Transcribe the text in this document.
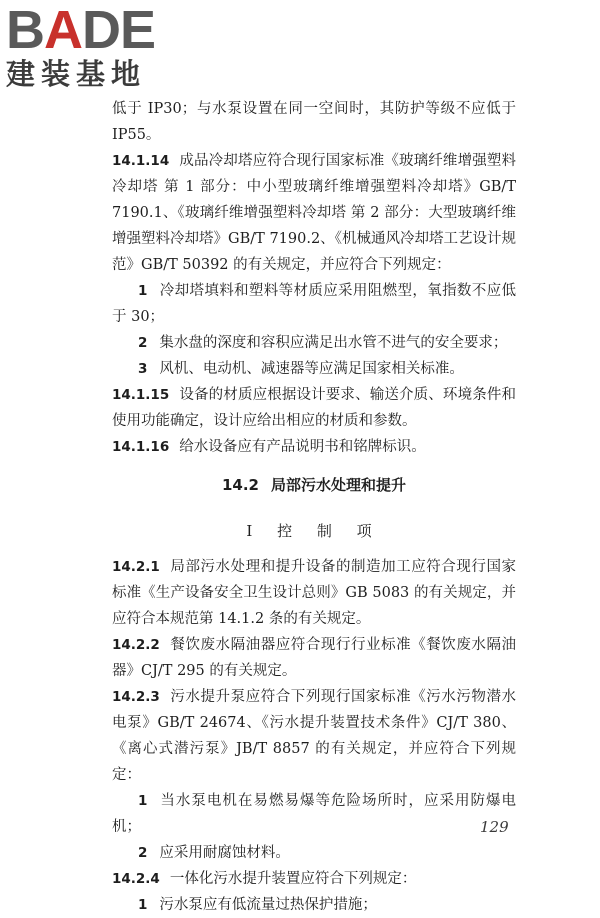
BADE
建装基地

低于 IP30；与水泵设置在同一空间时，其防护等级不应低于 IP55。

14.1.14 成品冷却塔应符合现行国家标准《玻璃纤维增强塑料冷却塔 第 1 部分：中小型玻璃纤维增强塑料冷却塔》GB/T 7190.1、《玻璃纤维增强塑料冷却塔 第 2 部分：大型玻璃纤维增强塑料冷却塔》GB/T 7190.2、《机械通风冷却塔工艺设计规范》GB/T 50392 的有关规定，并应符合下列规定：

1 冷却塔填料和塑料等材质应采用阻燃型，氧指数不应低于 30；

2 集水盘的深度和容积应满足出水管不进气的安全要求；

3 风机、电动机、减速器等应满足国家相关标准。

14.1.15 设备的材质应根据设计要求、输送介质、环境条件和使用功能确定，设计应给出相应的材质和参数。

14.1.16 给水设备应有产品说明书和铭牌标识。

14.2 局部污水处理和提升
Ⅰ 控 制 项

14.2.1 局部污水处理和提升设备的制造加工应符合现行国家标准《生产设备安全卫生设计总则》GB 5083 的有关规定，并应符合本规范第 14.1.2 条的有关规定。

14.2.2 餐饮废水隔油器应符合现行行业标准《餐饮废水隔油器》CJ/T 295 的有关规定。

14.2.3 污水提升泵应符合下列现行国家标准《污水污物潜水电泵》GB/T 24674、《污水提升装置技术条件》CJ/T 380、《离心式潜污泵》JB/T 8857 的有关规定，并应符合下列规定：

1 当水泵电机在易燃易爆等危险场所时，应采用防爆电机；

2 应采用耐腐蚀材料。

14.2.4 一体化污水提升装置应符合下列规定：

1 污水泵应有低流量过热保护措施；

129
